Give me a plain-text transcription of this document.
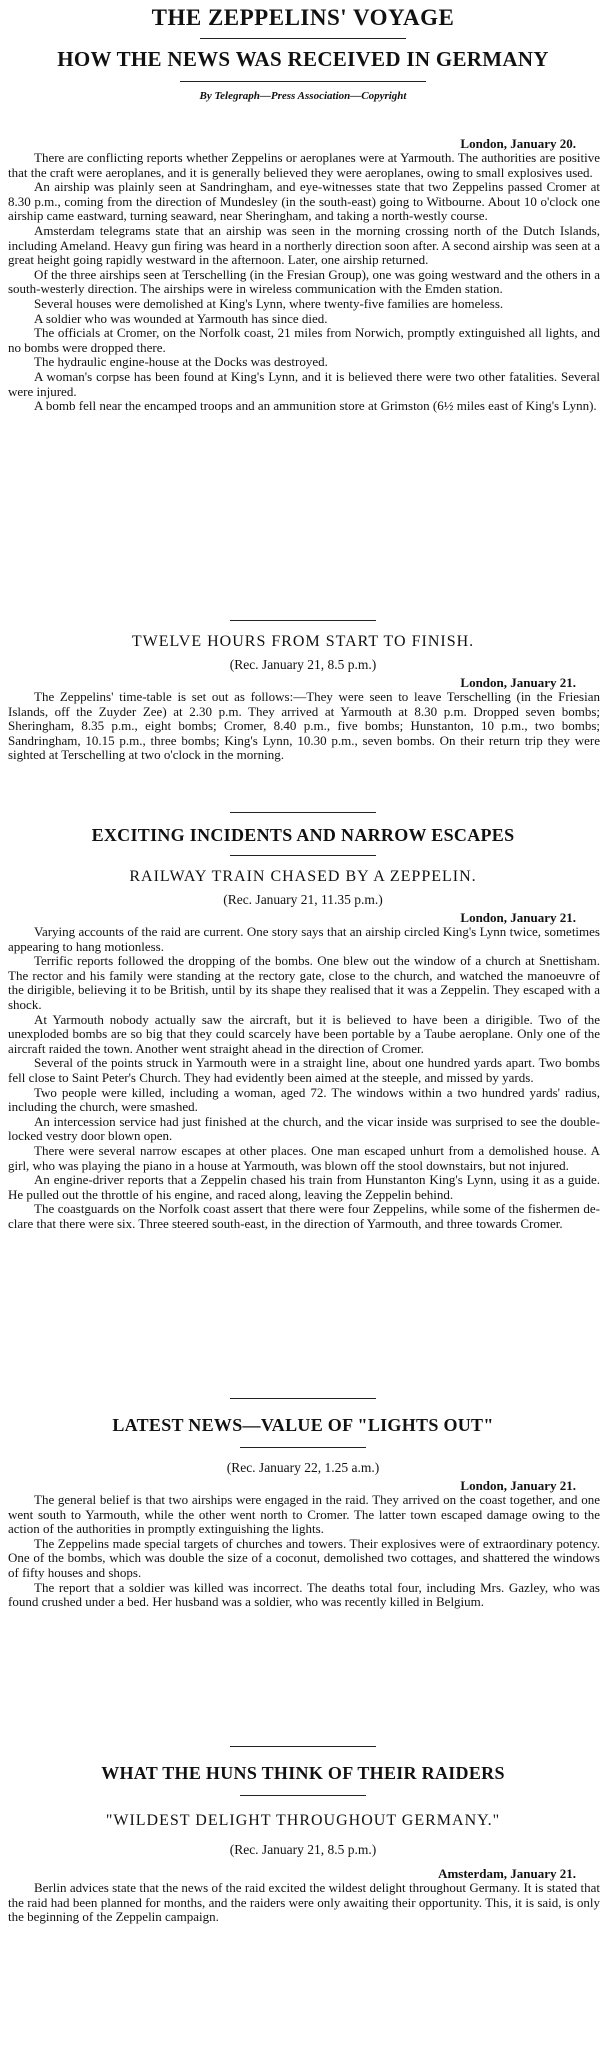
THE ZEPPELINS' VOYAGE
HOW THE NEWS WAS RECEIVED IN GERMANY
By Telegraph—Press Association—Copyright
London, January 20.

There are conflicting reports whether Zeppelins or aeroplanes were at Yarmouth. The authorities are positive that the craft were aeroplanes, and it is generally believed they were aeroplanes, owing to small explosives used.

An airship was plainly seen at Sandringham, and eye-witnesses state that two Zeppelins passed Cromer at 8.30 p.m., coming from the direction of Mundesley (in the south-east) going to Witbourne. About 10 o'clock one airship came eastward, turning seaward, near Sheringham, and taking a north-westly course.

Amsterdam telegrams state that an airship was seen in the morning crossing north of the Dutch Islands, including Ameland. Heavy gun firing was heard in a northerly direction soon after. A second airship was seen at a great height going rapidly westward in the afternoon. Later, one airship returned.

Of the three airships seen at Terschelling (in the Fresian Group), one was going westward and the others in a south-westerly direction. The airships were in wireless communication with the Emden station.

Several houses were demolished at King's Lynn, where twenty-five families are homeless.

A soldier who was wounded at Yarmouth has since died.

The officials at Cromer, on the Norfolk coast, 21 miles from Norwich, promptly extinguished all lights, and no bombs were dropped there.

The hydraulic engine-house at the Docks was destroyed.

A woman's corpse has been found at King's Lynn, and it is believed there were two other fatalities. Several were injured.

A bomb fell near the encamped troops and an ammunition store at Grimston (6½ miles east of King's Lynn).

TWELVE HOURS FROM START TO FINISH.
(Rec. January 21, 8.5 p.m.)
London, January 21.

The Zeppelins' time-table is set out as follows:—They were seen to leave Terschelling (in the Friesian Islands, off the Zuyder Zee) at 2.30 p.m. They arrived at Yarmouth at 8.30 p.m. Dropped seven bombs; Sheringham, 8.35 p.m., eight bombs; Cromer, 8.40 p.m., five bombs; Hunstanton, 10 p.m., two bombs; Sandringham, 10.15 p.m., three bombs; King's Lynn, 10.30 p.m., seven bombs. On their return trip they were sighted at Terschelling at two o'clock in the morning.

EXCITING INCIDENTS AND NARROW ESCAPES
RAILWAY TRAIN CHASED BY A ZEPPELIN.
(Rec. January 21, 11.35 p.m.)
London, January 21.

Varying accounts of the raid are current. One story says that an airship circled King's Lynn twice, sometimes appearing to hang motionless.

Terrific reports followed the dropping of the bombs. One blew out the window of a church at Snettisham. The rector and his family were standing at the rectory gate, close to the church, and watched the manoeuvre of the dirigible, believing it to be British, until by its shape they realised that it was a Zeppelin. They escaped with a shock.

At Yarmouth nobody actually saw the aircraft, but it is believed to have been a dirigible. Two of the unexploded bombs are so big that they could scarcely have been portable by a Taube aeroplane. Only one of the aircraft raided the town. Another went straight ahead in the direction of Cromer.

Several of the points struck in Yarmouth were in a straight line, about one hundred yards apart. Two bombs fell close to Saint Peter's Church. They had evidently been aimed at the steeple, and missed by yards.

Two people were killed, including a woman, aged 72. The windows within a two hundred yards' radius, including the church, were smashed.

An intercession service had just finished at the church, and the vicar inside was surprised to see the double-locked vestry door blown open.

There were several narrow escapes at other places. One man escaped unhurt from a demolished house. A girl, who was playing the piano in a house at Yarmouth, was blown off the stool downstairs, but not injured.

An engine-driver reports that a Zeppelin chased his train from Hunstanton King's Lynn, using it as a guide. He pulled out the throttle of his engine, and raced along, leaving the Zeppelin behind.

The coastguards on the Norfolk coast assert that there were four Zeppelins, while some of the fishermen de-clare that there were six. Three steered south-east, in the direction of Yarmouth, and three towards Cromer.

LATEST NEWS—VALUE OF "LIGHTS OUT"
(Rec. January 22, 1.25 a.m.)
London, January 21.

The general belief is that two airships were engaged in the raid. They arrived on the coast together, and one went south to Yarmouth, while the other went north to Cromer. The latter town escaped damage owing to the action of the authorities in promptly extinguishing the lights.

The Zeppelins made special targets of churches and towers. Their explosives were of extraordinary potency. One of the bombs, which was double the size of a coconut, demolished two cottages, and shattered the windows of fifty houses and shops.

The report that a soldier was killed was incorrect. The deaths total four, including Mrs. Gazley, who was found crushed under a bed. Her husband was a soldier, who was recently killed in Belgium.

WHAT THE HUNS THINK OF THEIR RAIDERS
"WILDEST DELIGHT THROUGHOUT GERMANY."
(Rec. January 21, 8.5 p.m.)
Amsterdam, January 21.

Berlin advices state that the news of the raid excited the wildest delight throughout Germany. It is stated that the raid had been planned for months, and the raiders were only awaiting their opportunity. This, it is said, is only the beginning of the Zeppelin campaign.
